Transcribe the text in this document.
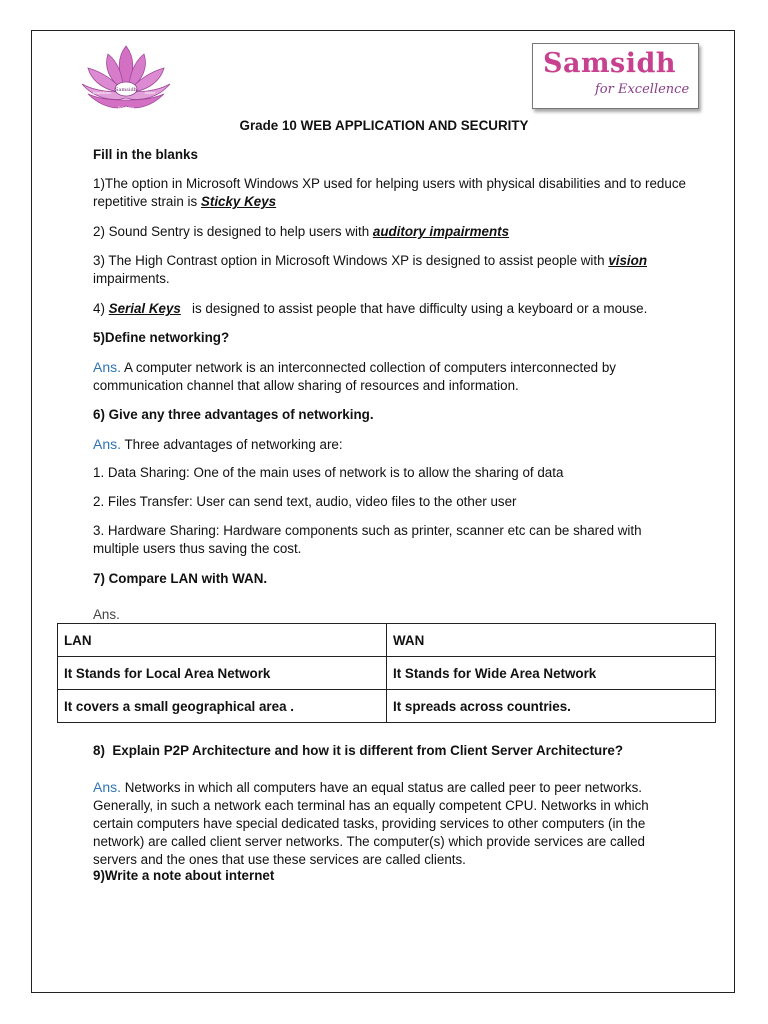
Samsidh
Inspiration	Aspire
Enlighten
Samsidh
for Excellence

Grade 10 WEB APPLICATION AND SECURITY

Fill in the blanks

1)The option in Microsoft Windows XP used for helping users with physical disabilities and to reduce repetitive strain is Sticky Keys

2) Sound Sentry is designed to help users with auditory impairments

3) The High Contrast option in Microsoft Windows XP is designed to assist people with vision impairments.

4) Serial Keys   is designed to assist people that have difficulty using a keyboard or a mouse.

5)Define networking?

Ans. A computer network is an interconnected collection of computers interconnected by communication channel that allow sharing of resources and information.

6) Give any three advantages of networking.

Ans. Three advantages of networking are:

1. Data Sharing: One of the main uses of network is to allow the sharing of data

2. Files Transfer: User can send text, audio, video files to the other user

3. Hardware Sharing: Hardware components such as printer, scanner etc can be shared with multiple users thus saving the cost.

7) Compare LAN with WAN.

Ans.

LAN	WAN
It Stands for Local Area Network	It Stands for Wide Area Network
It covers a small geographical area .	It spreads across countries.

8)  Explain P2P Architecture and how it is different from Client Server Architecture?

Ans. Networks in which all computers have an equal status are called peer to peer networks. Generally, in such a network each terminal has an equally competent CPU. Networks in which certain computers have special dedicated tasks, providing services to other computers (in the network) are called client server networks. The computer(s) which provide services are called servers and the ones that use these services are called clients.

9)Write a note about internet
